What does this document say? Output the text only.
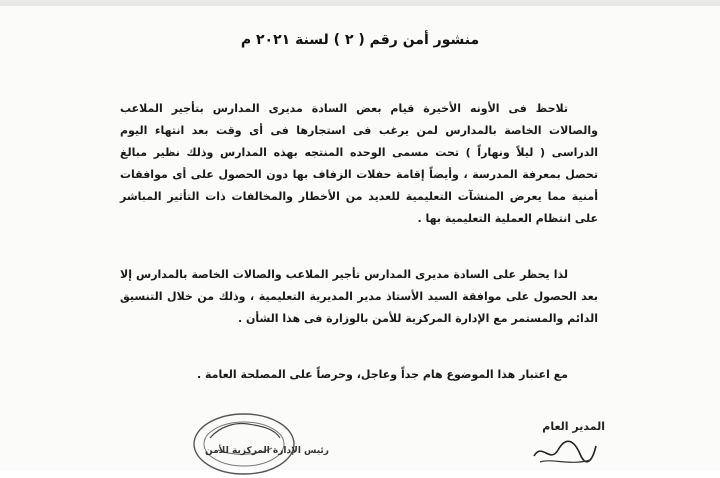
منشور أمن رقم ( ٢ ) لسنة ٢٠٢١ م

تلاحظ فى الأونه الأخيرة قيام بعض السادة مديرى المدارس بتأجير الملاعب والصالات الخاصة بالمدارس لمن يرغب فى استجارها فى أى وقت بعد انتهاء اليوم الدراسى ( ليلاً ونهاراً ) تحت مسمى الوحده المنتجه بهذه المدارس وذلك نظير مبالغ تحصل بمعرفة المدرسة ، وأيضاً إقامة حفلات الزفاف بها دون الحصول على أى موافقات أمنية مما يعرض المنشآت التعليمية للعديد من الأخطار والمخالفات ذات التأثير المباشر على انتظام العملية التعليمية بها .

لذا يحظر على السادة مديرى المدارس تأجير الملاعب والصالات الخاصة بالمدارس إلا بعد الحصول على موافقة السيد الأستاذ مدير المديرية التعليمية ، وذلك من خلال التنسيق الدائم والمستمر مع الإدارة المركزية للأمن بالوزارة فى هذا الشأن .

مع اعتبار هذا الموضوع هام جداً وعاجل، وحرصاً على المصلحة العامة .

المدير العام
رئيس الإدارة المركزية للأمن
